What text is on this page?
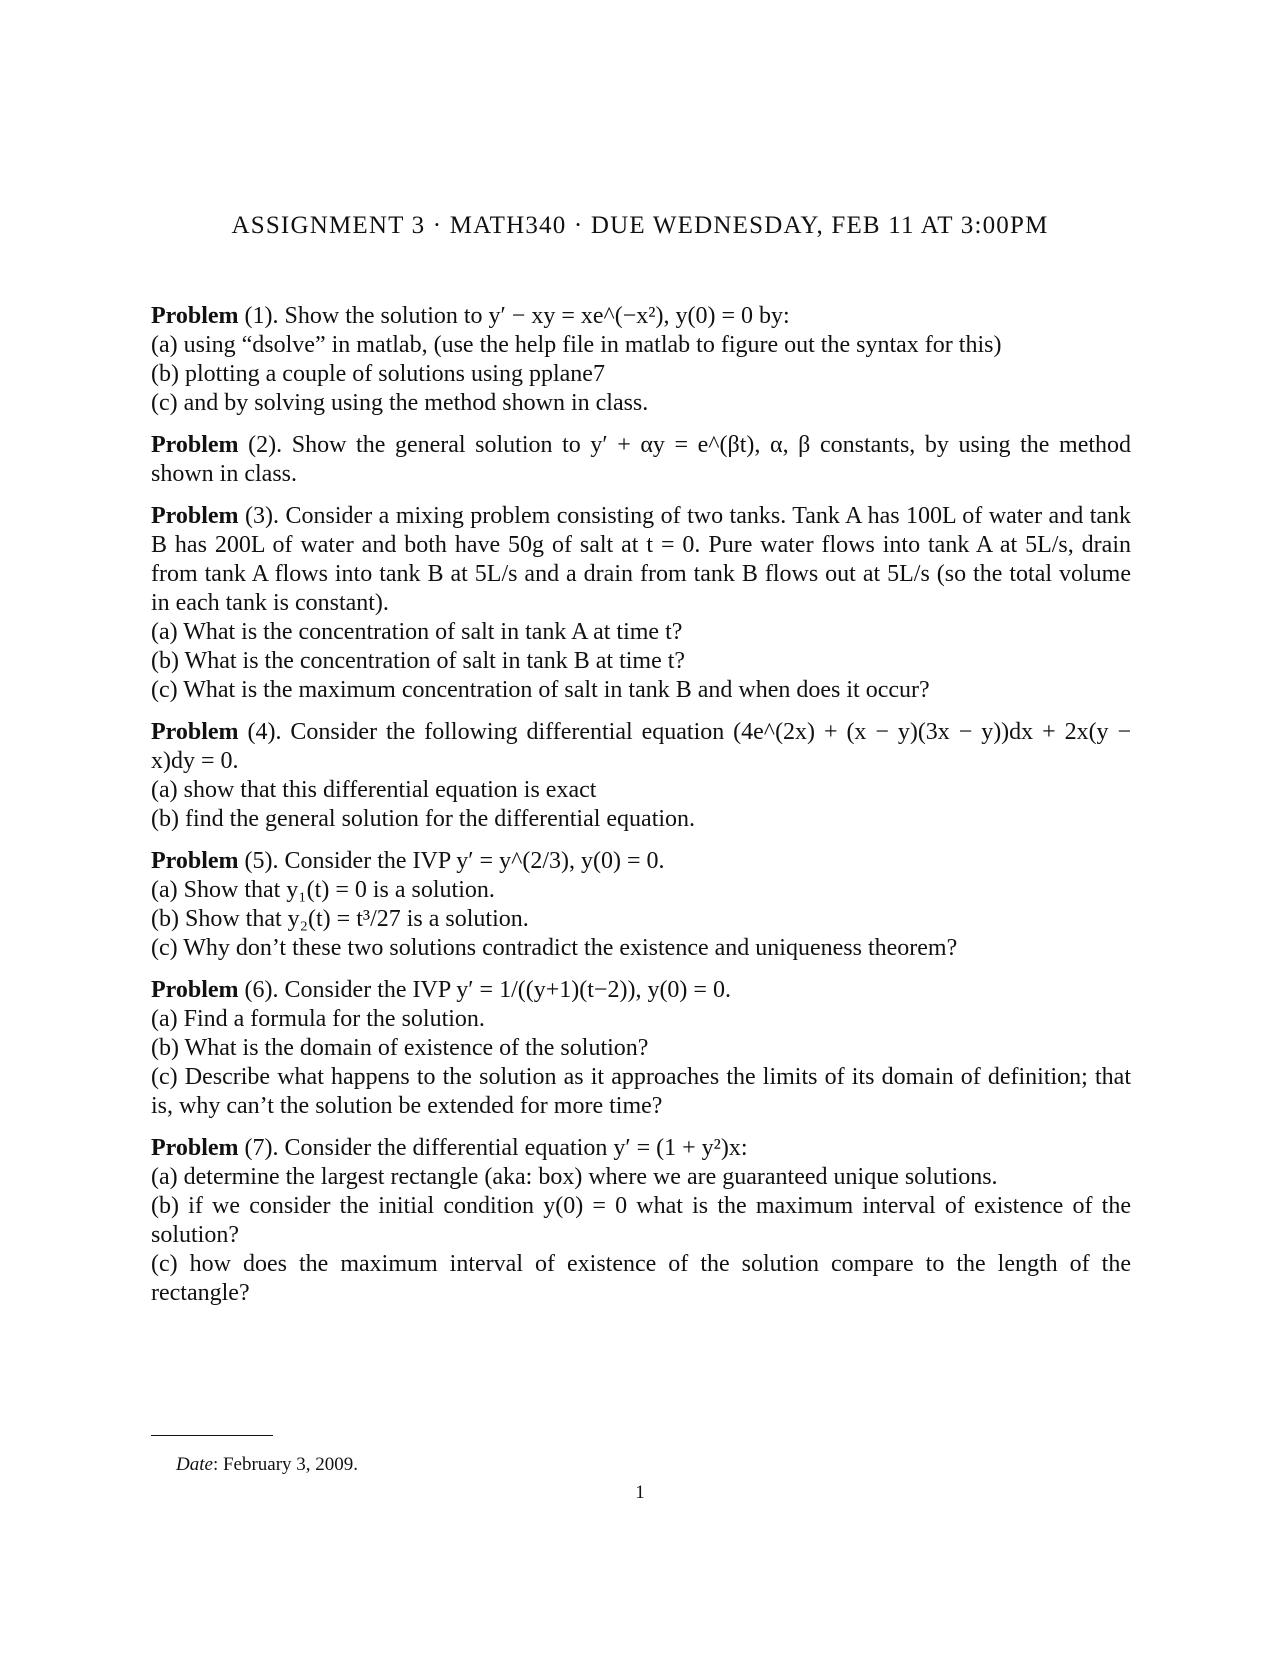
ASSIGNMENT 3 · MATH340 · DUE WEDNESDAY, FEB 11 AT 3:00PM
Problem (1). Show the solution to y′ − xy = xe^(−x²), y(0) = 0 by:
(a) using “dsolve” in matlab, (use the help file in matlab to figure out the syntax for this)
(b) plotting a couple of solutions using pplane7
(c) and by solving using the method shown in class.
Problem (2). Show the general solution to y′ + αy = e^(βt), α, β constants, by using the method shown in class.
Problem (3). Consider a mixing problem consisting of two tanks. Tank A has 100L of water and tank B has 200L of water and both have 50g of salt at t = 0. Pure water flows into tank A at 5L/s, drain from tank A flows into tank B at 5L/s and a drain from tank B flows out at 5L/s (so the total volume in each tank is constant).
(a) What is the concentration of salt in tank A at time t?
(b) What is the concentration of salt in tank B at time t?
(c) What is the maximum concentration of salt in tank B and when does it occur?
Problem (4). Consider the following differential equation (4e^(2x) + (x − y)(3x − y))dx + 2x(y − x)dy = 0.
(a) show that this differential equation is exact
(b) find the general solution for the differential equation.
Problem (5). Consider the IVP y′ = y^(2/3), y(0) = 0.
(a) Show that y₁(t) = 0 is a solution.
(b) Show that y₂(t) = t³/27 is a solution.
(c) Why don’t these two solutions contradict the existence and uniqueness theorem?
Problem (6). Consider the IVP y′ = 1/((y+1)(t−2)), y(0) = 0.
(a) Find a formula for the solution.
(b) What is the domain of existence of the solution?
(c) Describe what happens to the solution as it approaches the limits of its domain of definition; that is, why can’t the solution be extended for more time?
Problem (7). Consider the differential equation y′ = (1 + y²)x:
(a) determine the largest rectangle (aka: box) where we are guaranteed unique solutions.
(b) if we consider the initial condition y(0) = 0 what is the maximum interval of existence of the solution?
(c) how does the maximum interval of existence of the solution compare to the length of the rectangle?
Date: February 3, 2009.
1
